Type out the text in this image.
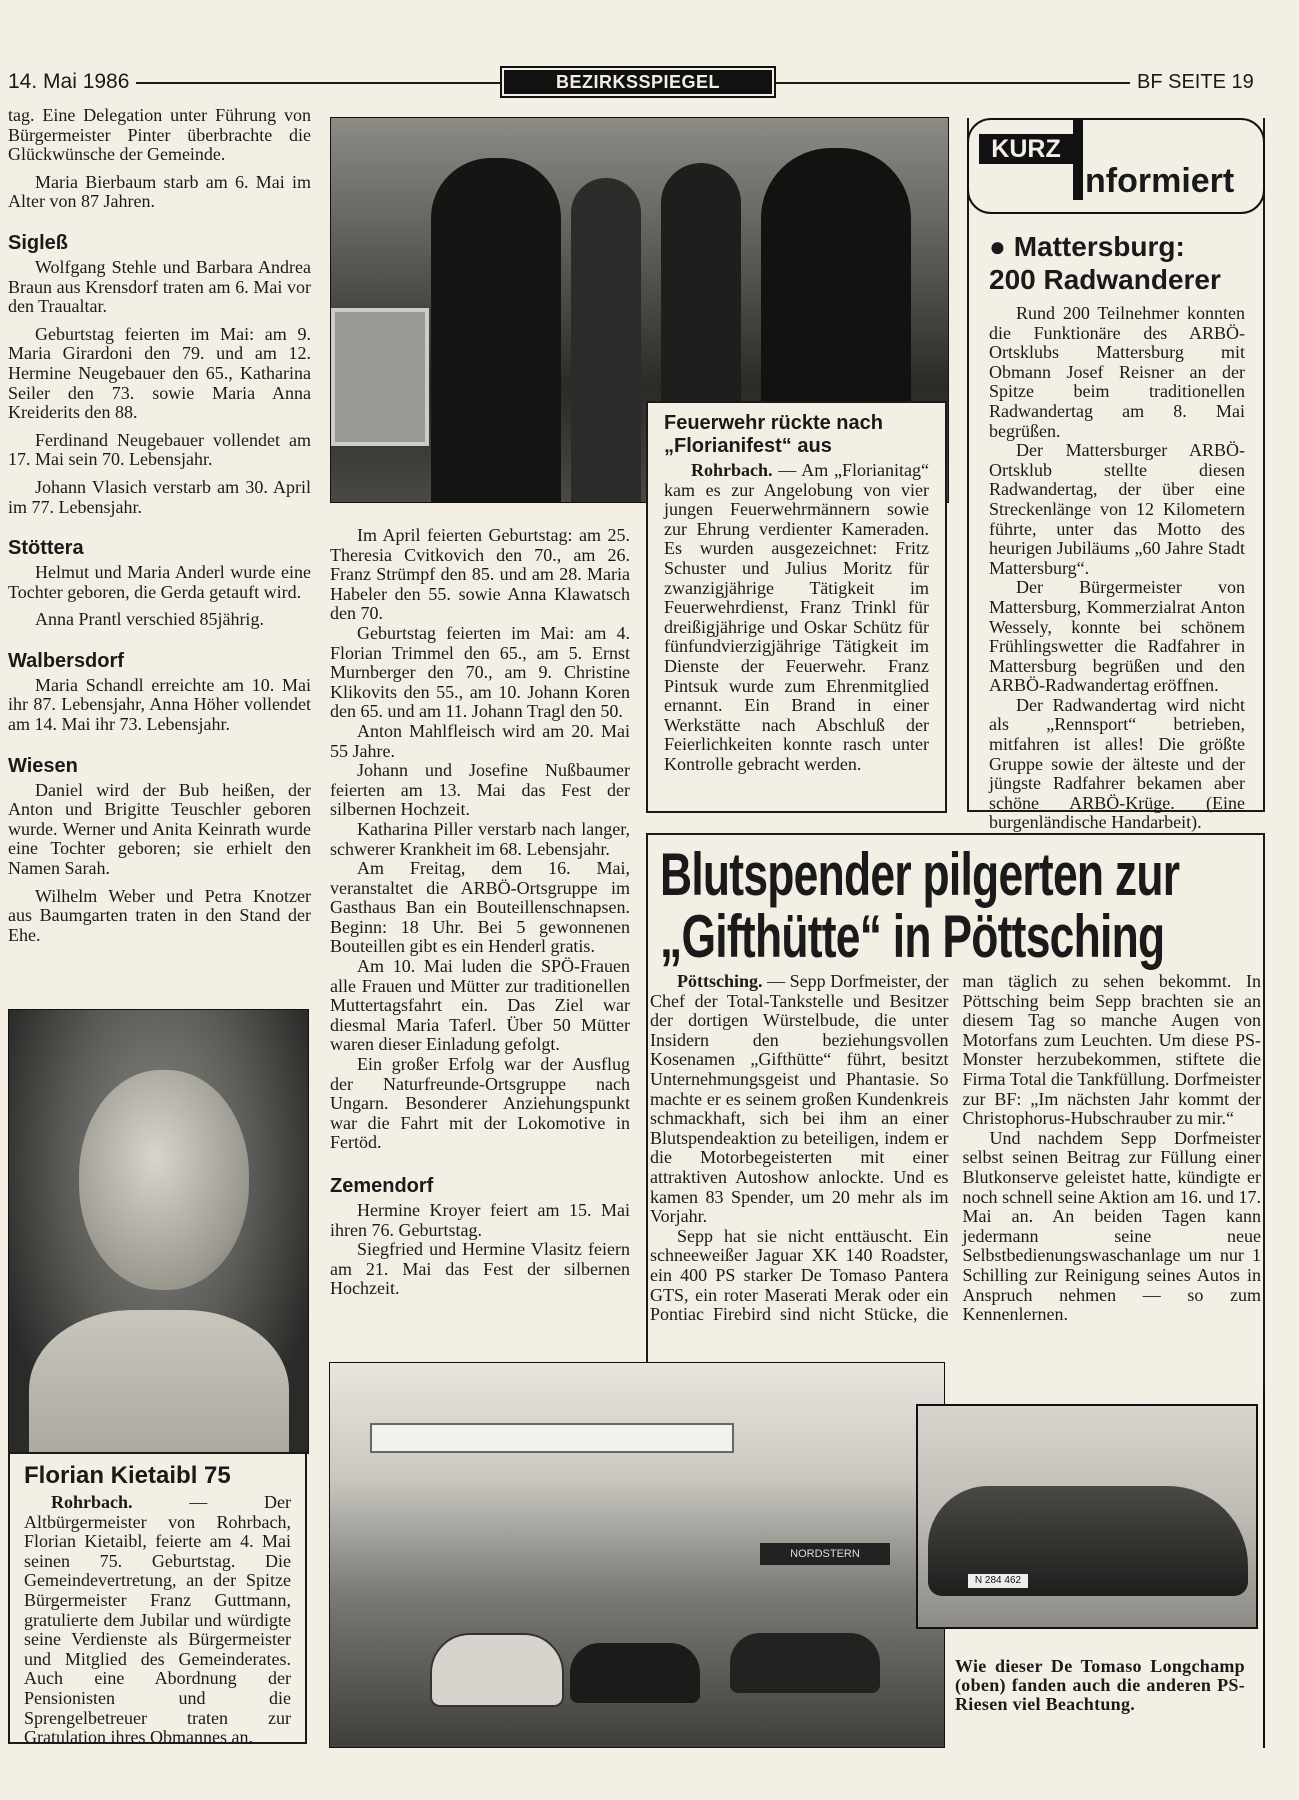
14. Mai 1986	BEZIRKSSPIEGEL	BF SEITE 19

tag. Eine Delegation unter Führung von Bürgermeister Pinter überbrachte die Glückwünsche der Gemeinde.

Maria Bierbaum starb am 6. Mai im Alter von 87 Jahren.

Sigleß

Wolfgang Stehle und Barbara Andrea Braun aus Krensdorf traten am 6. Mai vor den Traualtar.

Geburtstag feierten im Mai: am 9. Maria Girardoni den 79. und am 12. Hermine Neugebauer den 65., Katharina Seiler den 73. sowie Maria Anna Kreiderits den 88.

Ferdinand Neugebauer vollendet am 17. Mai sein 70. Lebensjahr.

Johann Vlasich verstarb am 30. April im 77. Lebensjahr.

Stöttera

Helmut und Maria Anderl wurde eine Tochter geboren, die Gerda getauft wird.

Anna Prantl verschied 85jährig.

Walbersdorf

Maria Schandl erreichte am 10. Mai ihr 87. Lebensjahr, Anna Höher vollendet am 14. Mai ihr 73. Lebensjahr.

Wiesen

Daniel wird der Bub heißen, der Anton und Brigitte Teuschler geboren wurde. Werner und Anita Keinrath wurde eine Tochter geboren; sie erhielt den Namen Sarah.

Wilhelm Weber und Petra Knotzer aus Baumgarten traten in den Stand der Ehe.

Florian Kietaibl 75

Rohrbach. — Der Altbürgermeister von Rohrbach, Florian Kietaibl, feierte am 4. Mai seinen 75. Geburtstag. Die Gemeindevertretung, an der Spitze Bürgermeister Franz Guttmann, gratulierte dem Jubilar und würdigte seine Verdienste als Bürgermeister und Mitglied des Gemeinderates. Auch eine Abordnung der Pensionisten und die Sprengelbetreuer traten zur Gratulation ihres Obmannes an.

Feuerwehr rückte nach „Florianifest“ aus

Rohrbach. — Am „Florianitag“ kam es zur Angelobung von vier jungen Feuerwehrmännern sowie zur Ehrung verdienter Kameraden. Es wurden ausgezeichnet: Fritz Schuster und Julius Moritz für zwanzigjährige Tätigkeit im Feuerwehrdienst, Franz Trinkl für dreißigjährige und Oskar Schütz für fünfundvierzigjährige Tätigkeit im Dienste der Feuerwehr. Franz Pintsuk wurde zum Ehrenmitglied ernannt. Ein Brand in einer Werkstätte nach Abschluß der Feierlichkeiten konnte rasch unter Kontrolle gebracht werden.

Im April feierten Geburtstag: am 25. Theresia Cvitkovich den 70., am 26. Franz Strümpf den 85. und am 28. Maria Habeler den 55. sowie Anna Klawatsch den 70.

Geburtstag feierten im Mai: am 4. Florian Trimmel den 65., am 5. Ernst Murnberger den 70., am 9. Christine Klikovits den 55., am 10. Johann Koren den 65. und am 11. Johann Tragl den 50.

Anton Mahlfleisch wird am 20. Mai 55 Jahre.

Johann und Josefine Nußbaumer feierten am 13. Mai das Fest der silbernen Hochzeit.

Katharina Piller verstarb nach langer, schwerer Krankheit im 68. Lebensjahr.

Am Freitag, dem 16. Mai, veranstaltet die ARBÖ-Ortsgruppe im Gasthaus Ban ein Bouteillenschnapsen. Beginn: 18 Uhr. Bei 5 gewonnenen Bouteillen gibt es ein Henderl gratis.

Am 10. Mai luden die SPÖ-Frauen alle Frauen und Mütter zur traditionellen Muttertagsfahrt ein. Das Ziel war diesmal Maria Taferl. Über 50 Mütter waren dieser Einladung gefolgt.

Ein großer Erfolg war der Ausflug der Naturfreunde-Ortsgruppe nach Ungarn. Besonderer Anziehungspunkt war die Fahrt mit der Lokomotive in Fertöd.

Zemendorf

Hermine Kroyer feiert am 15. Mai ihren 76. Geburtstag.

Siegfried und Hermine Vlasitz feiern am 21. Mai das Fest der silbernen Hochzeit.

KURZ
nformiert
● Mattersburg:
200 Radwanderer

Rund 200 Teilnehmer konnten die Funktionäre des ARBÖ-Ortsklubs Mattersburg mit Obmann Josef Reisner an der Spitze beim traditionellen Radwandertag am 8. Mai begrüßen.

Der Mattersburger ARBÖ-Ortsklub stellte diesen Radwandertag, der über eine Streckenlänge von 12 Kilometern führte, unter das Motto des heurigen Jubiläums „60 Jahre Stadt Mattersburg“.

Der Bürgermeister von Mattersburg, Kommerzialrat Anton Wessely, konnte bei schönem Frühlingswetter die Radfahrer in Mattersburg begrüßen und den ARBÖ-Radwandertag eröffnen.

Der Radwandertag wird nicht als „Rennsport“ betrieben, mitfahren ist alles! Die größte Gruppe sowie der älteste und der jüngste Radfahrer bekamen aber schöne ARBÖ-Krüge. (Eine burgenländische Handarbeit).

Blutspender pilgerten zur
„Gifthütte“ in Pöttsching

Pöttsching. — Sepp Dorfmeister, der Chef der Total-Tankstelle und Besitzer der dortigen Würstelbude, die unter Insidern den beziehungsvollen Kosenamen „Gifthütte“ führt, besitzt Unternehmungsgeist und Phantasie. So machte er es seinem großen Kundenkreis schmackhaft, sich bei ihm an einer Blutspendeaktion zu beteiligen, indem er die Motorbegeisterten mit einer attraktiven Autoshow anlockte. Und es kamen 83 Spender, um 20 mehr als im Vorjahr.

Sepp hat sie nicht enttäuscht. Ein schneeweißer Jaguar XK 140 Roadster, ein 400 PS starker De Tomaso Pantera GTS, ein roter Maserati Merak oder ein Pontiac Firebird sind nicht Stücke, die man täglich zu sehen bekommt. In Pöttsching beim Sepp brachten sie an diesem Tag so manche Augen von Motorfans zum Leuchten. Um diese PS-Monster herzubekommen, stiftete die Firma Total die Tankfüllung. Dorfmeister zur BF: „Im nächsten Jahr kommt der Christophorus-Hubschrauber zu mir.“

Und nachdem Sepp Dorfmeister selbst seinen Beitrag zur Füllung einer Blutkonserve geleistet hatte, kündigte er noch schnell seine Aktion am 16. und 17. Mai an. An beiden Tagen kann jedermann seine neue Selbstbedienungswaschanlage um nur 1 Schilling zur Reinigung seines Autos in Anspruch nehmen — so zum Kennenlernen.

NORDSTERN
N 284 462
Wie dieser De Tomaso Longchamp (oben) fanden auch die anderen PS-Riesen viel Beachtung.
